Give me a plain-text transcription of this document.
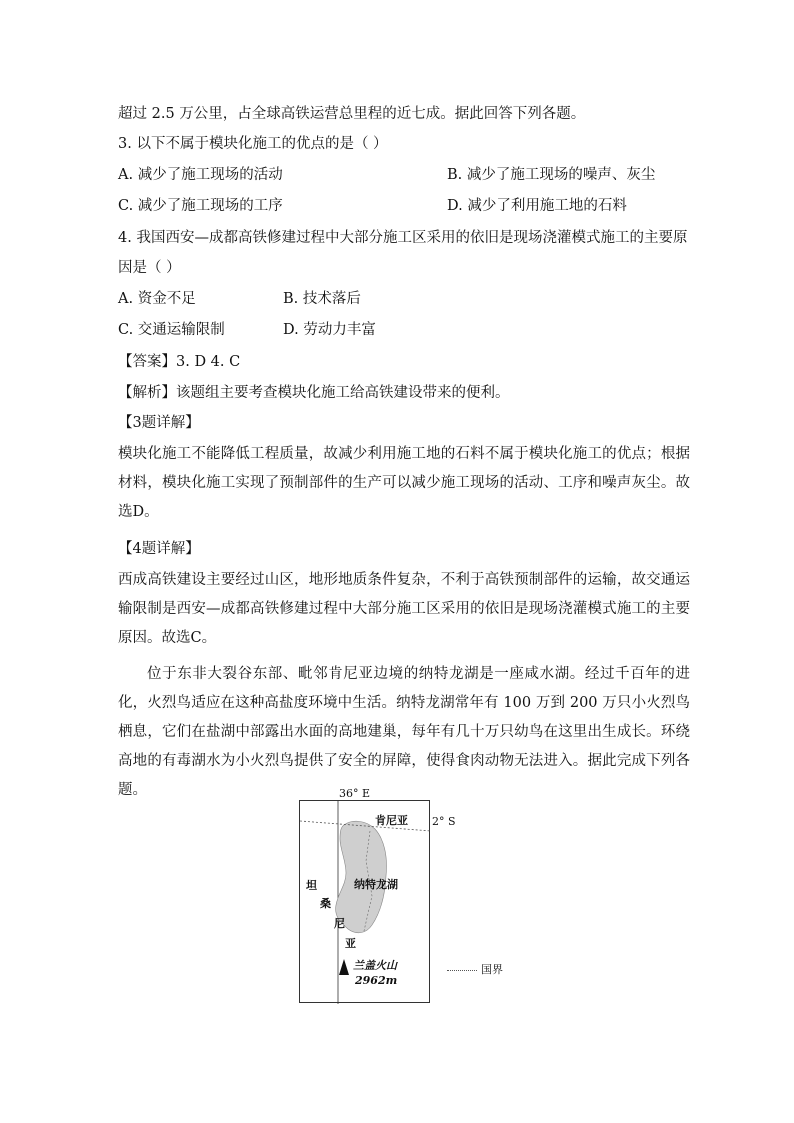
超过 2.5 万公里，占全球高铁运营总里程的近七成。据此回答下列各题。
3. 以下不属于模块化施工的优点的是（ ）
A. 减少了施工现场的活动	B. 减少了施工现场的噪声、灰尘
C. 减少了施工现场的工序	D. 减少了利用施工地的石料
4. 我国西安—成都高铁修建过程中大部分施工区采用的依旧是现场浇灌模式施工的主要原
因是（ ）
A. 资金不足	B. 技术落后
C. 交通运输限制	D. 劳动力丰富
【答案】3. D 4. C
【解析】该题组主要考查模块化施工给高铁建设带来的便利。
【3题详解】
模块化施工不能降低工程质量，故减少利用施工地的石料不属于模块化施工的优点；根据材料，模块化施工实现了预制部件的生产可以减少施工现场的活动、工序和噪声灰尘。故选D。
【4题详解】
西成高铁建设主要经过山区，地形地质条件复杂，不利于高铁预制部件的运输，故交通运输限制是西安—成都高铁修建过程中大部分施工区采用的依旧是现场浇灌模式施工的主要原因。故选C。
位于东非大裂谷东部、毗邻肯尼亚边境的纳特龙湖是一座咸水湖。经过千百年的进化，火烈鸟适应在这种高盐度环境中生活。纳特龙湖常年有 100 万到 200 万只小火烈鸟栖息，它们在盐湖中部露出水面的高地建巢，每年有几十万只幼鸟在这里出生成长。环绕高地的有毒湖水为小火烈鸟提供了安全的屏障，使得食肉动物无法进入。据此完成下列各题。	36° E
2° S
肯尼亚
纳特龙湖
坦
桑
尼
亚
兰盖火山
2962m
国界
